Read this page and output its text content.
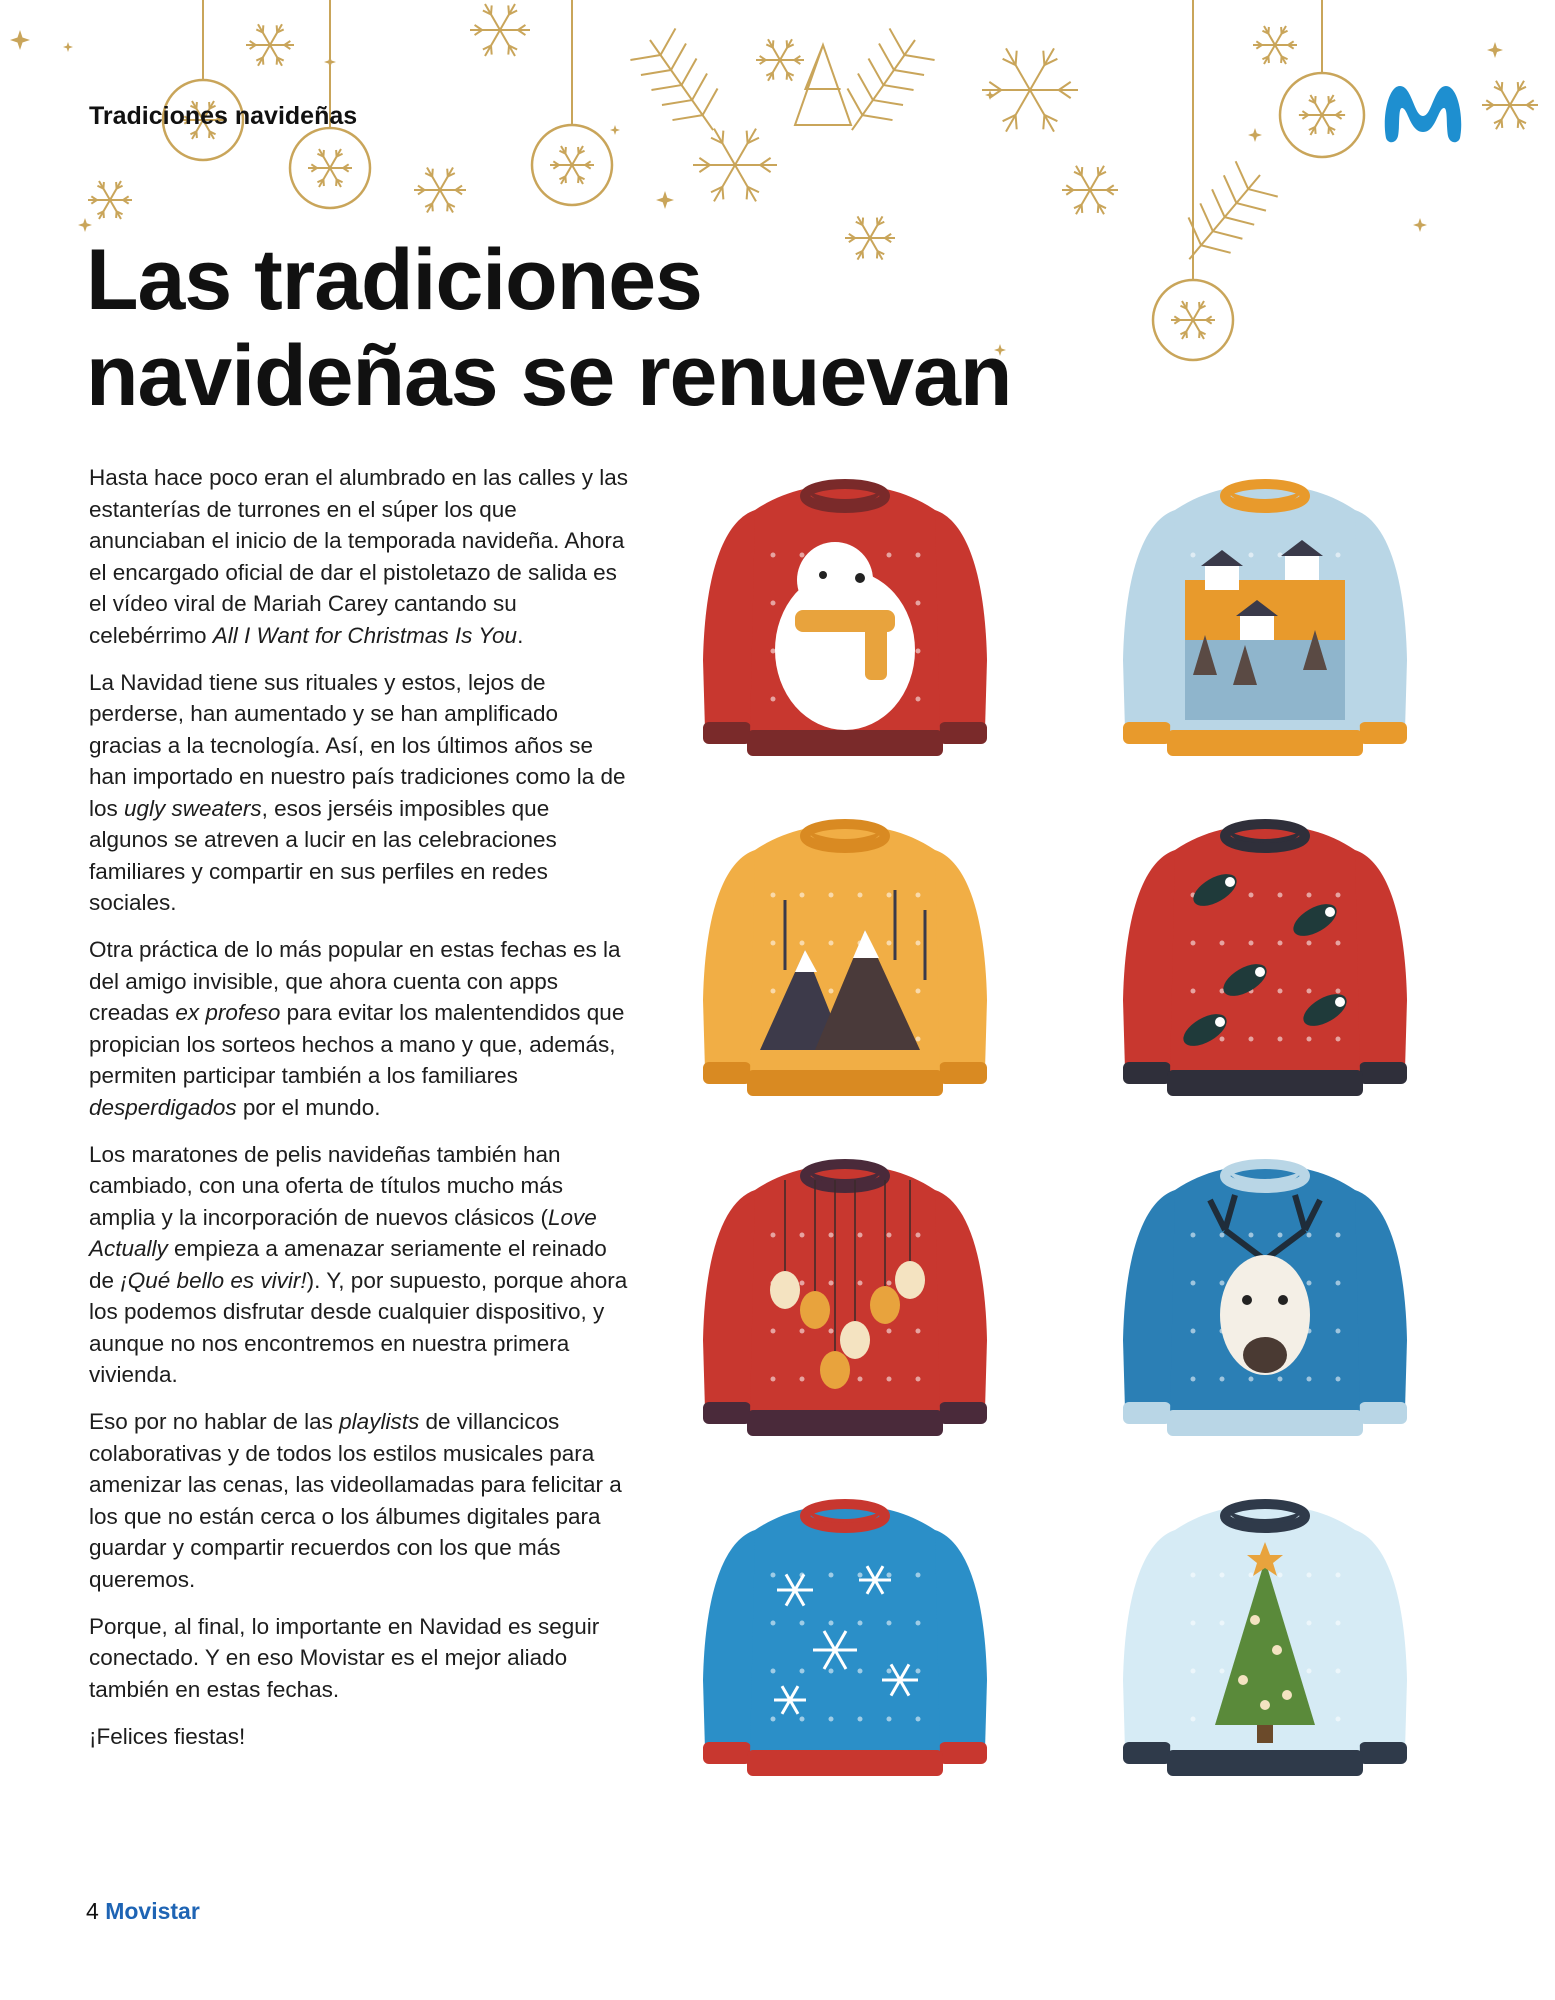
Tradiciones navideñas
Las tradiciones
navideñas se renuevan

Hasta hace poco eran el alumbrado en las calles y las estanterías de turrones en el súper los que anunciaban el inicio de la temporada navideña. Ahora el encargado oficial de dar el pistoletazo de salida es el vídeo viral de Mariah Carey cantando su celebérrimo All I Want for Christmas Is You.

La Navidad tiene sus rituales y estos, lejos de perderse, han aumentado y se han amplificado gracias a la tecnología. Así, en los últimos años se han importado en nuestro país tradiciones como la de los ugly sweaters, esos jerséis imposibles que algunos se atreven a lucir en las celebraciones familiares y compartir en sus perfiles en redes sociales.

Otra práctica de lo más popular en estas fechas es la del amigo invisible, que ahora cuenta con apps creadas ex profeso para evitar los malentendidos que propician los sorteos hechos a mano y que, además, permiten participar también a los familiares desperdigados por el mundo.

Los maratones de pelis navideñas también han cambiado, con una oferta de títulos mucho más amplia y la incorporación de nuevos clásicos (Love Actually empieza a amenazar seriamente el reinado de ¡Qué bello es vivir!). Y, por supuesto, porque ahora los podemos disfrutar desde cualquier dispositivo, y aunque no nos encontremos en nuestra primera vivienda.

Eso por no hablar de las playlists de villancicos colaborativas y de todos los estilos musicales para amenizar las cenas, las videollamadas para felicitar a los que no están cerca o los álbumes digitales para guardar y compartir recuerdos con los que más queremos.

Porque, al final, lo importante en Navidad es seguir conectado. Y en eso Movistar es el mejor aliado también en estas fechas.

¡Felices fiestas!

4 Movistar
